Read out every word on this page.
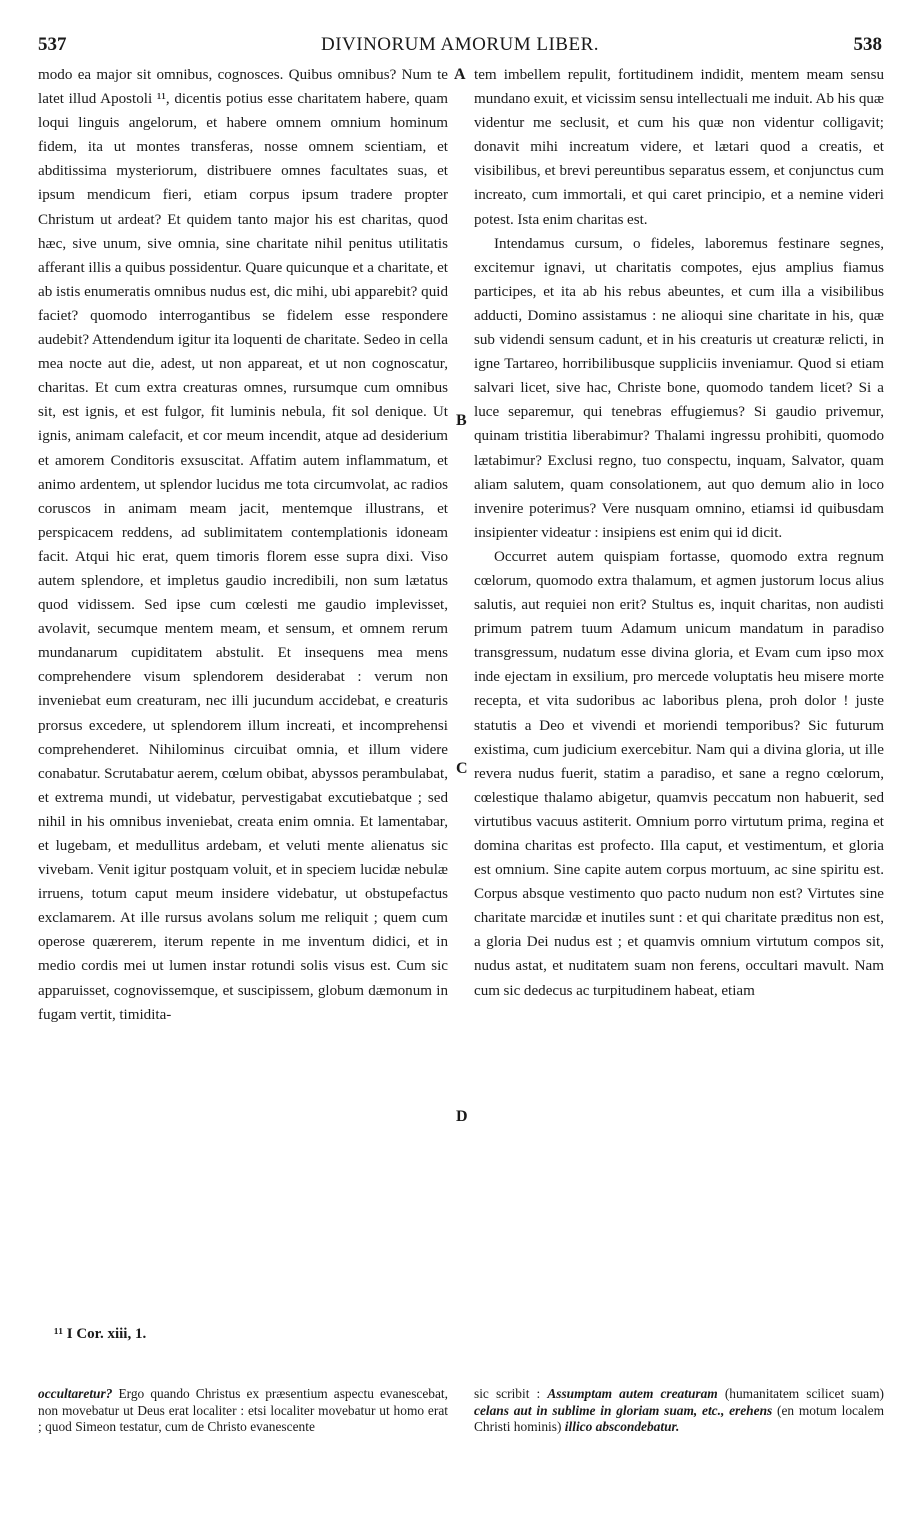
537	DIVINORUM AMORUM LIBER.	538

modo ea major sit omnibus, cognosces. Quibus omnibus? Num te latet illud Apostoli ¹¹, dicentis potius esse charitatem habere, quam loqui linguis angelorum, et habere omnem omnium hominum fidem, ita ut montes transferas, nosse omnem scientiam, et abditissima mysteriorum, distribuere omnes facultates suas, et ipsum mendicum fieri, etiam corpus ipsum tradere propter Christum ut ardeat? Et quidem tanto major his est charitas, quod hæc, sive unum, sive omnia, sine charitate nihil penitus utilitatis afferant illis a quibus possidentur. Quare quicunque et a charitate, et ab istis enumeratis omnibus nudus est, dic mihi, ubi apparebit? quid faciet? quomodo interrogantibus se fidelem esse respondere audebit? Attendendum igitur ita loquenti de charitate. Sedeo in cella mea nocte aut die, adest, ut non appareat, et ut non cognoscatur, charitas. Et cum extra creaturas omnes, rursumque cum omnibus sit, est ignis, et est fulgor, fit luminis nebula, fit sol denique. Ut ignis, animam calefacit, et cor meum incendit, atque ad desiderium et amorem Conditoris exsuscitat. Affatim autem inflammatum, et animo ardentem, ut splendor lucidus me tota circumvolat, ac radios coruscos in animam meam jacit, mentemque illustrans, et perspicacem reddens, ad sublimitatem contemplationis idoneam facit. Atqui hic erat, quem timoris florem esse supra dixi. Viso autem splendore, et impletus gaudio incredibili, non sum lætatus quod vidissem. Sed ipse cum cœlesti me gaudio implevisset, avolavit, secumque mentem meam, et sensum, et omnem rerum mundanarum cupiditatem abstulit. Et insequens mea mens comprehendere visum splendorem desiderabat : verum non inveniebat eum creaturam, nec illi jucundum accidebat, e creaturis prorsus excedere, ut splendorem illum increati, et incomprehensi comprehenderet. Nihilominus circuibat omnia, et illum videre conabatur. Scrutabatur aerem, cœlum obibat, abyssos perambulabat, et extrema mundi, ut videbatur, pervestigabat excutiebatque ; sed nihil in his omnibus inveniebat, creata enim omnia. Et lamentabar, et lugebam, et medullitus ardebam, et veluti mente alienatus sic vivebam. Venit igitur postquam voluit, et in speciem lucidæ nebulæ irruens, totum caput meum insidere videbatur, ut obstupefactus exclamarem. At ille rursus avolans solum me reliquit ; quem cum operose quærerem, iterum repente in me inventum didici, et in medio cordis mei ut lumen instar rotundi solis visus est. Cum sic apparuisset, cognovissemque, et suscipissem, globum dæmonum in fugam vertit, timidita-

A
B
C
D

tem imbellem repulit, fortitudinem indidit, mentem meam sensu mundano exuit, et vicissim sensu intellectuali me induit. Ab his quæ videntur me seclusit, et cum his quæ non videntur colligavit; donavit mihi increatum videre, et lætari quod a creatis, et visibilibus, et brevi pereuntibus separatus essem, et conjunctus cum increato, cum immortali, et qui caret principio, et a nemine videri potest. Ista enim charitas est.

Intendamus cursum, o fideles, laboremus festinare segnes, excitemur ignavi, ut charitatis compotes, ejus amplius fiamus participes, et ita ab his rebus abeuntes, et cum illa a visibilibus adducti, Domino assistamus : ne alioqui sine charitate in his, quæ sub videndi sensum cadunt, et in his creaturis ut creaturæ relicti, in igne Tartareo, horribilibusque suppliciis inveniamur. Quod si etiam salvari licet, sive hac, Christe bone, quomodo tandem licet? Si a luce separemur, qui tenebras effugiemus? Si gaudio privemur, quinam tristitia liberabimur? Thalami ingressu prohibiti, quomodo lætabimur? Exclusi regno, tuo conspectu, inquam, Salvator, quam aliam salutem, quam consolationem, aut quo demum alio in loco invenire poterimus? Vere nusquam omnino, etiamsi id quibusdam insipienter videatur : insipiens est enim qui id dicit.

Occurret autem quispiam fortasse, quomodo extra regnum cœlorum, quomodo extra thalamum, et agmen justorum locus alius salutis, aut requiei non erit? Stultus es, inquit charitas, non audisti primum patrem tuum Adamum unicum mandatum in paradiso transgressum, nudatum esse divina gloria, et Evam cum ipso mox inde ejectam in exsilium, pro mercede voluptatis heu misere morte recepta, et vita sudoribus ac laboribus plena, proh dolor ! juste statutis a Deo et vivendi et moriendi temporibus? Sic futurum existima, cum judicium exercebitur. Nam qui a divina gloria, ut ille revera nudus fuerit, statim a paradiso, et sane a regno cœlorum, cœlestique thalamo abigetur, quamvis peccatum non habuerit, sed virtutibus vacuus astiterit. Omnium porro virtutum prima, regina et domina charitas est profecto. Illa caput, et vestimentum, et gloria est omnium. Sine capite autem corpus mortuum, ac sine spiritu est. Corpus absque vestimento quo pacto nudum non est? Virtutes sine charitate marcidæ et inutiles sunt : et qui charitate præditus non est, a gloria Dei nudus est ; et quamvis omnium virtutum compos sit, nudus astat, et nuditatem suam non ferens, occultari mavult. Nam cum sic dedecus ac turpitudinem habeat, etiam

¹¹ I Cor. xiii, 1.

occultaretur? Ergo quando Christus ex præsentium aspectu evanescebat, non movebatur ut Deus erat localiter : etsi localiter movebatur ut homo erat ; quod Simeon testatur, cum de Christo evanescente

sic scribit : Assumptam autem creaturam (humanitatem scilicet suam) celans aut in sublime in gloriam suam, etc., erehens (en motum localem Christi hominis) illico abscondebatur.
